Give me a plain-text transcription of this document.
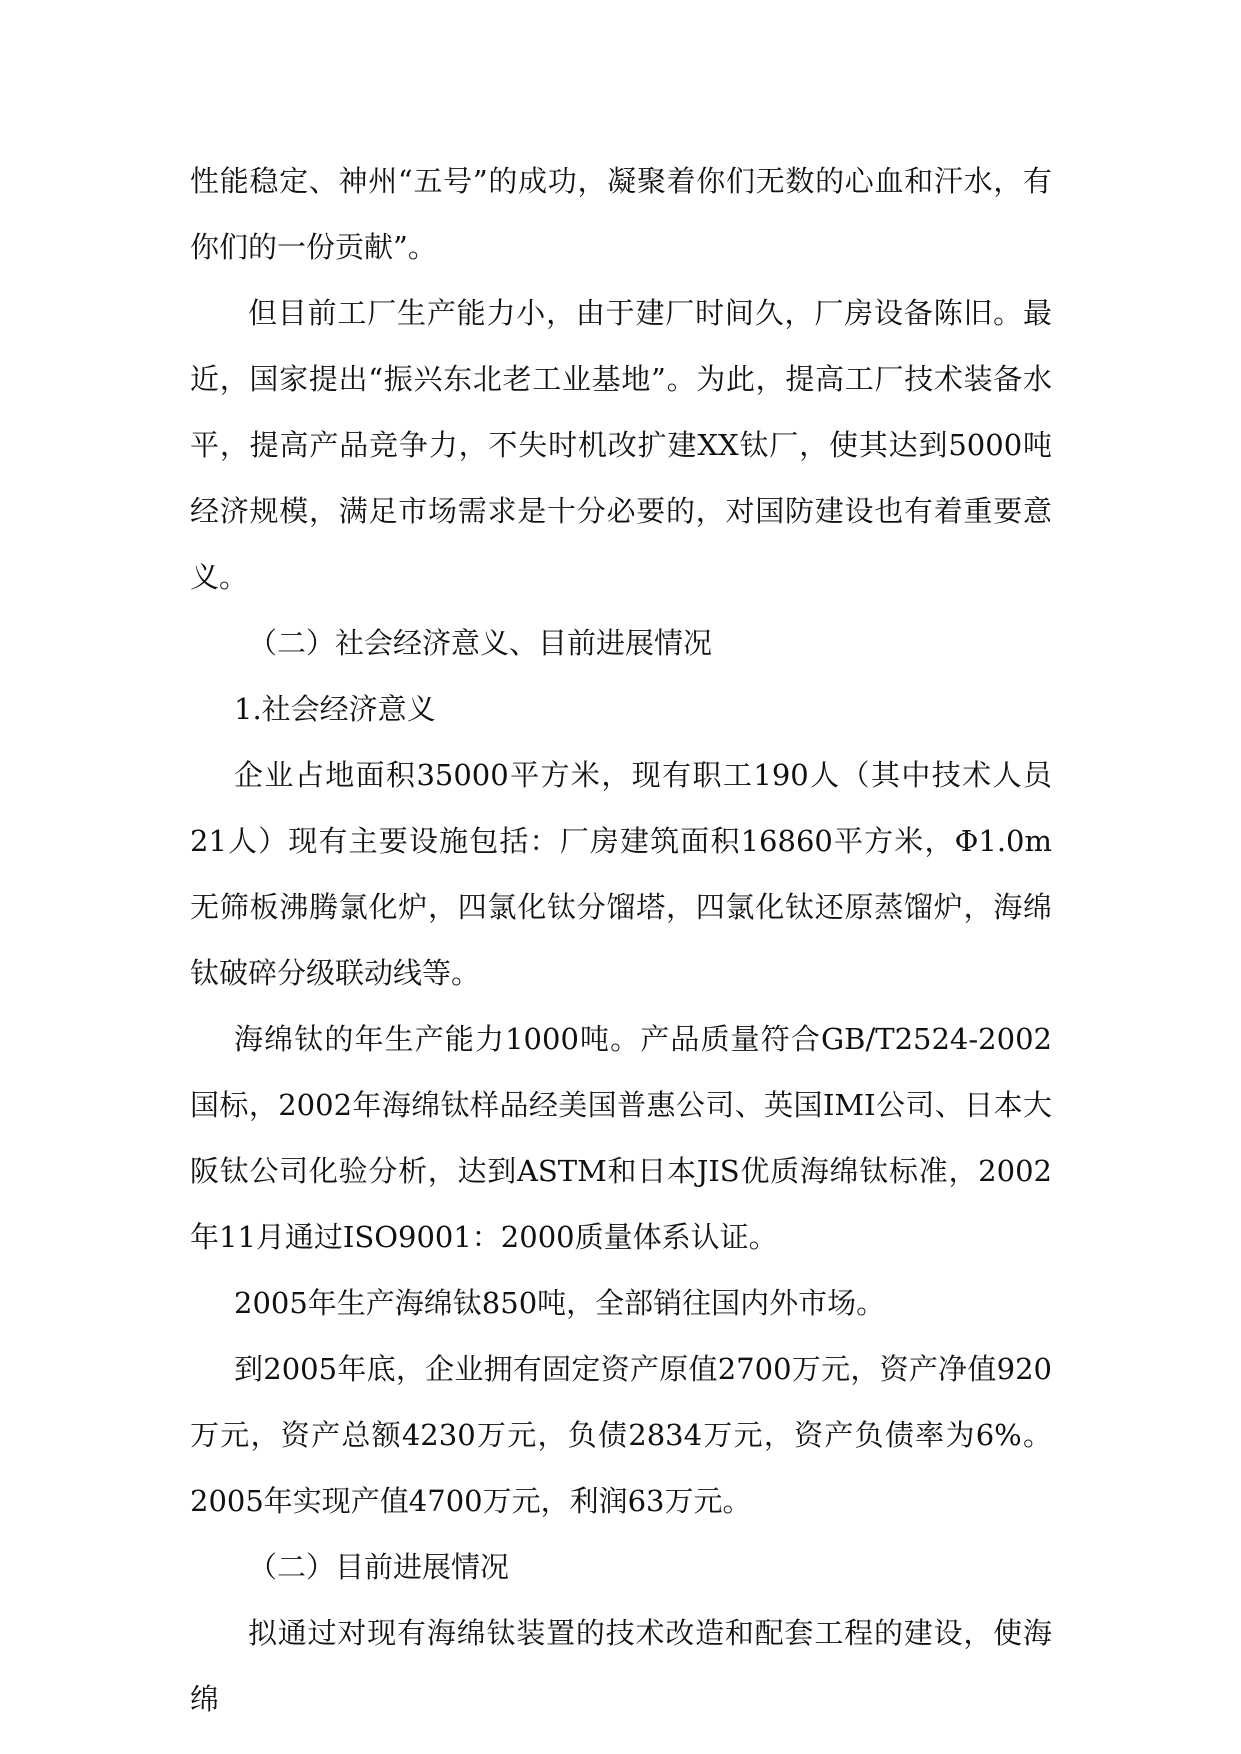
性能稳定、神州“五号”的成功，凝聚着你们无数的心血和汗水，有你们的一份贡献”。

但目前工厂生产能力小，由于建厂时间久，厂房设备陈旧。最近，国家提出“振兴东北老工业基地”。为此，提高工厂技术装备水平，提高产品竞争力，不失时机改扩建XX钛厂，使其达到5000吨经济规模，满足市场需求是十分必要的，对国防建设也有着重要意义。

（二）社会经济意义、目前进展情况

1.社会经济意义

企业占地面积35000平方米，现有职工190人（其中技术人员21人）现有主要设施包括：厂房建筑面积16860平方米，Φ1.0m无筛板沸腾氯化炉，四氯化钛分馏塔，四氯化钛还原蒸馏炉，海绵钛破碎分级联动线等。

海绵钛的年生产能力1000吨。产品质量符合GB/T2524-2002国标，2002年海绵钛样品经美国普惠公司、英国IMI公司、日本大阪钛公司化验分析，达到ASTM和日本JIS优质海绵钛标准，2002年11月通过ISO9001：2000质量体系认证。

2005年生产海绵钛850吨，全部销往国内外市场。

到2005年底，企业拥有固定资产原值2700万元，资产净值920万元，资产总额4230万元，负债2834万元，资产负债率为6%。2005年实现产值4700万元，利润63万元。

（二）目前进展情况

拟通过对现有海绵钛装置的技术改造和配套工程的建设，使海绵
